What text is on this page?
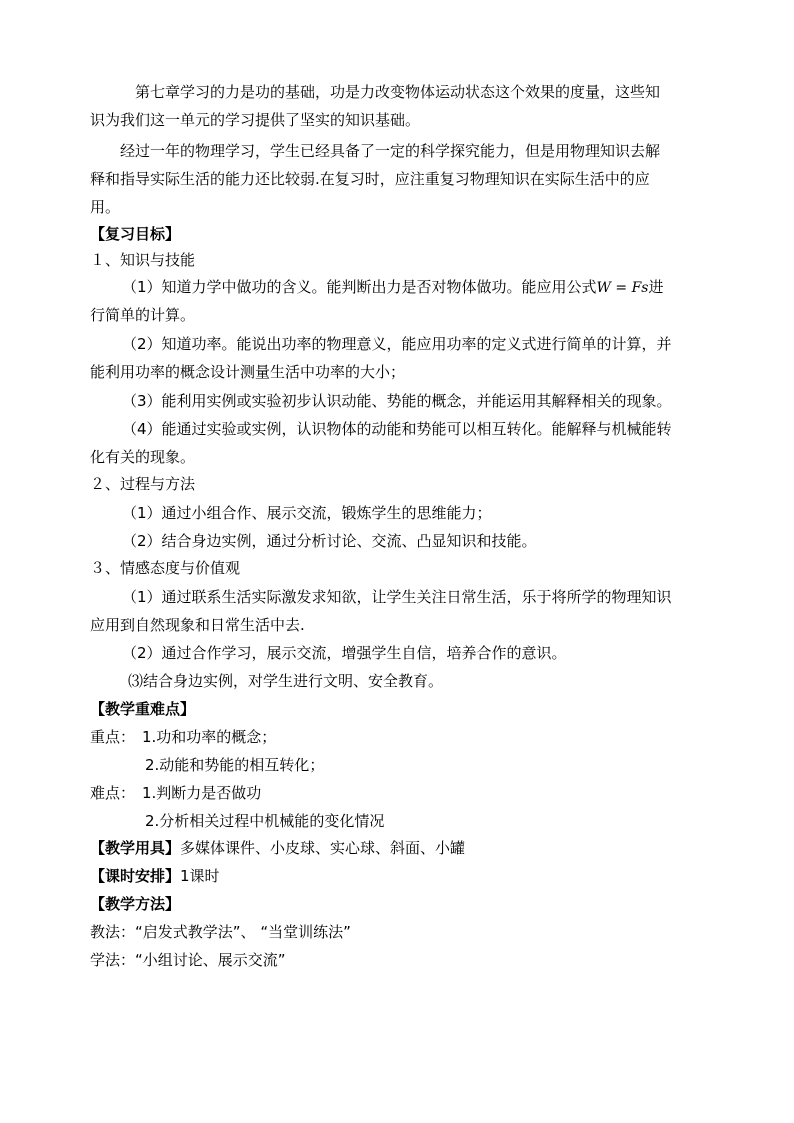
第七章学习的力是功的基础，功是力改变物体运动状态这个效果的度量，这些知
识为我们这一单元的学习提供了坚实的知识基础。
经过一年的物理学习，学生已经具备了一定的科学探究能力，但是用物理知识去解
释和指导实际生活的能力还比较弱.在复习时，应注重复习物理知识在实际生活中的应
用。
【复习目标】
１、知识与技能
（1）知道力学中做功的含义。能判断出力是否对物体做功。能应用公式W = Fs进
行简单的计算。
（2）知道功率。能说出功率的物理意义，能应用功率的定义式进行简单的计算，并
能利用功率的概念设计测量生活中功率的大小；
（3）能利用实例或实验初步认识动能、势能的概念，并能运用其解释相关的现象。
（4）能通过实验或实例，认识物体的动能和势能可以相互转化。能解释与机械能转
化有关的现象。
２、过程与方法
（1）通过小组合作、展示交流，锻炼学生的思维能力；
（2）结合身边实例，通过分析讨论、交流、凸显知识和技能。
３、情感态度与价值观
（1）通过联系生活实际激发求知欲，让学生关注日常生活，乐于将所学的物理知识
应用到自然现象和日常生活中去.
（2）通过合作学习，展示交流，增强学生自信，培养合作的意识。
⑶结合身边实例，对学生进行文明、安全教育。
【教学重难点】
重点： 1.功和功率的概念；
2.动能和势能的相互转化；
难点： 1.判断力是否做功
2.分析相关过程中机械能的变化情况
【教学用具】多媒体课件、小皮球、实心球、斜面、小罐
【课时安排】1课时
【教学方法】
教法：“启发式教学法”、 “当堂训练法”
学法：“小组讨论、展示交流”
